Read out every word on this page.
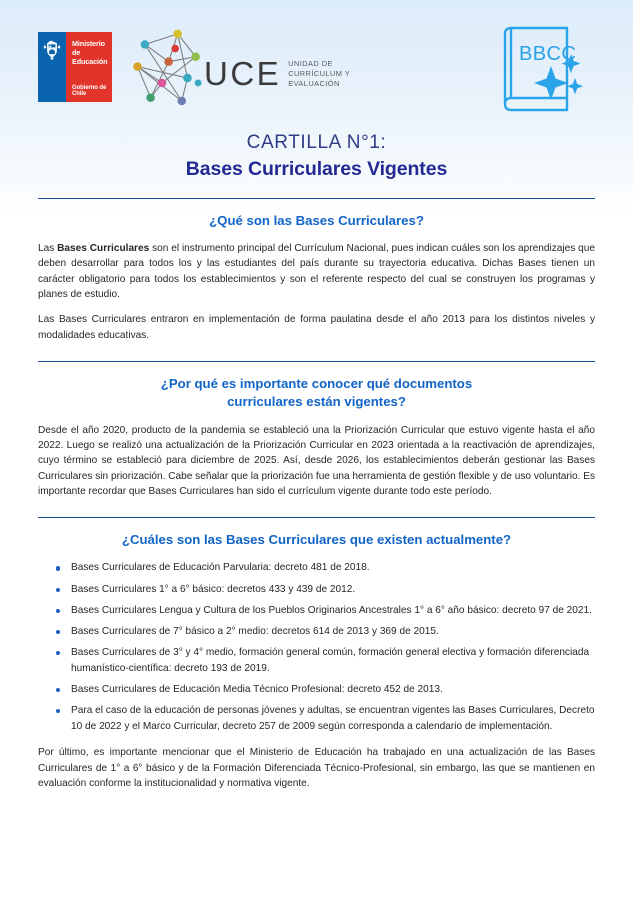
Ministerio de
Educación
Gobierno de Chile
UCE UNIDAD DE
CURRÍCULUM Y
EVALUACIÓN
BBCC
CARTILLA N°1:
Bases Curriculares Vigentes
¿Qué son las Bases Curriculares?

Las Bases Curriculares son el instrumento principal del Currículum Nacional, pues indican cuáles son los aprendizajes que deben desarrollar para todos los y las estudiantes del país durante su trayectoria educativa. Dichas Bases tienen un carácter obligatorio para todos los establecimientos y son el referente respecto del cual se construyen los programas y planes de estudio.

Las Bases Curriculares entraron en implementación de forma paulatina desde el año 2013 para los distintos niveles y modalidades educativas.

¿Por qué es importante conocer qué documentos
curriculares están vigentes?

Desde el año 2020, producto de la pandemia se estableció una la Priorización Curricular que estuvo vigente hasta el año 2022. Luego se realizó una actualización de la Priorización Curricular en 2023 orientada a la reactivación de aprendizajes, cuyo término se estableció para diciembre de 2025. Así, desde 2026, los establecimientos deberán gestionar las Bases Curriculares sin priorización. Cabe señalar que la priorización fue una herramienta de gestión flexible y de uso voluntario. Es importante recordar que Bases Curriculares han sido el currículum vigente durante todo este período.

¿Cuáles son las Bases Curriculares que existen actualmente?
Bases Curriculares de Educación Parvularia: decreto 481 de 2018.
Bases Curriculares 1° a 6° básico: decretos 433 y 439 de 2012.
Bases Curriculares Lengua y Cultura de los Pueblos Originarios Ancestrales 1° a 6° año básico: decreto 97 de 2021.
Bases Curriculares de 7° básico a 2° medio: decretos 614 de 2013 y 369 de 2015.
Bases Curriculares de 3° y 4° medio, formación general común, formación general electiva y formación diferenciada humanístico-científica: decreto 193 de 2019.
Bases Curriculares de Educación Media Técnico Profesional: decreto 452 de 2013.
Para el caso de la educación de personas jóvenes y adultas, se encuentran vigentes las Bases Curriculares, Decreto 10 de 2022 y el Marco Curricular, decreto 257 de 2009 según corresponda a calendario de implementación.

Por último, es importante mencionar que el Ministerio de Educación ha trabajado en una actualización de las Bases Curriculares de 1° a 6° básico y de la Formación Diferenciada Técnico-Profesional, sin embargo, las que se mantienen en evaluación conforme la institucionalidad y normativa vigente.
